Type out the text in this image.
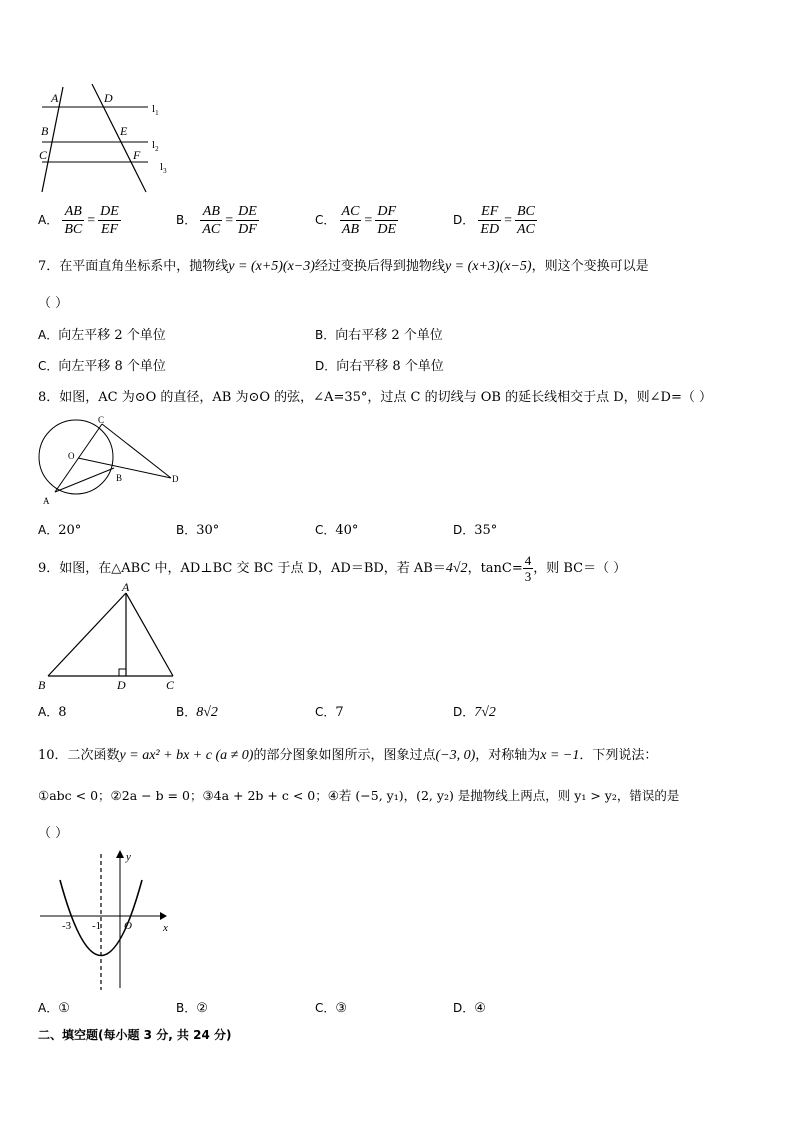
A	D
B	E
C	F
$l_1$
$l_2$
$l_3$
A． $\frac{AB}{BC} = \frac{DE}{EF}$	B． $\frac{AB}{AC} = \frac{DE}{DF}$	C． $\frac{AC}{AB} = \frac{DF}{DE}$	D． $\frac{EF}{ED} = \frac{BC}{AC}$
7．在平面直角坐标系中，抛物线y = (x+5)(x−3)经过变换后得到抛物线y = (x+3)(x−5)，则这个变换可以是
（ ）
A．向左平移 2 个单位	B．向右平移 2 个单位
C．向左平移 8 个单位	D．向右平移 8 个单位
8．如图，AC 为⊙O 的直径，AB 为⊙O 的弦，∠A=35°，过点 C 的切线与 OB 的延长线相交于点 D，则∠D=（ ）
C
O
B
A
D
A．20°	B．30°	C．40°	D．35°
9．如图，在△ABC 中，AD⊥BC 交 BC 于点 D，AD＝BD，若 AB＝4√2，$\tan C= \frac{4}{3}$ ，则 BC＝（ ）
A
B	D	C
A．8	B．8√2	C．7	D．7√2
10．二次函数y = ax² + bx + c (a ≠ 0)的部分图象如图所示，图象过点(−3, 0)，对称轴为x = −1．下列说法：
①abc < 0；②2a − b = 0；③4a + 2b + c < 0；④若 (−5, y₁)，(2, y₂) 是抛物线上两点，则 y₁ > y₂，错误的是
（ ）
-3 -1 O	x
y
A．①	B．②	C．③	D．④
二、填空题(每小题 3 分, 共 24 分)
